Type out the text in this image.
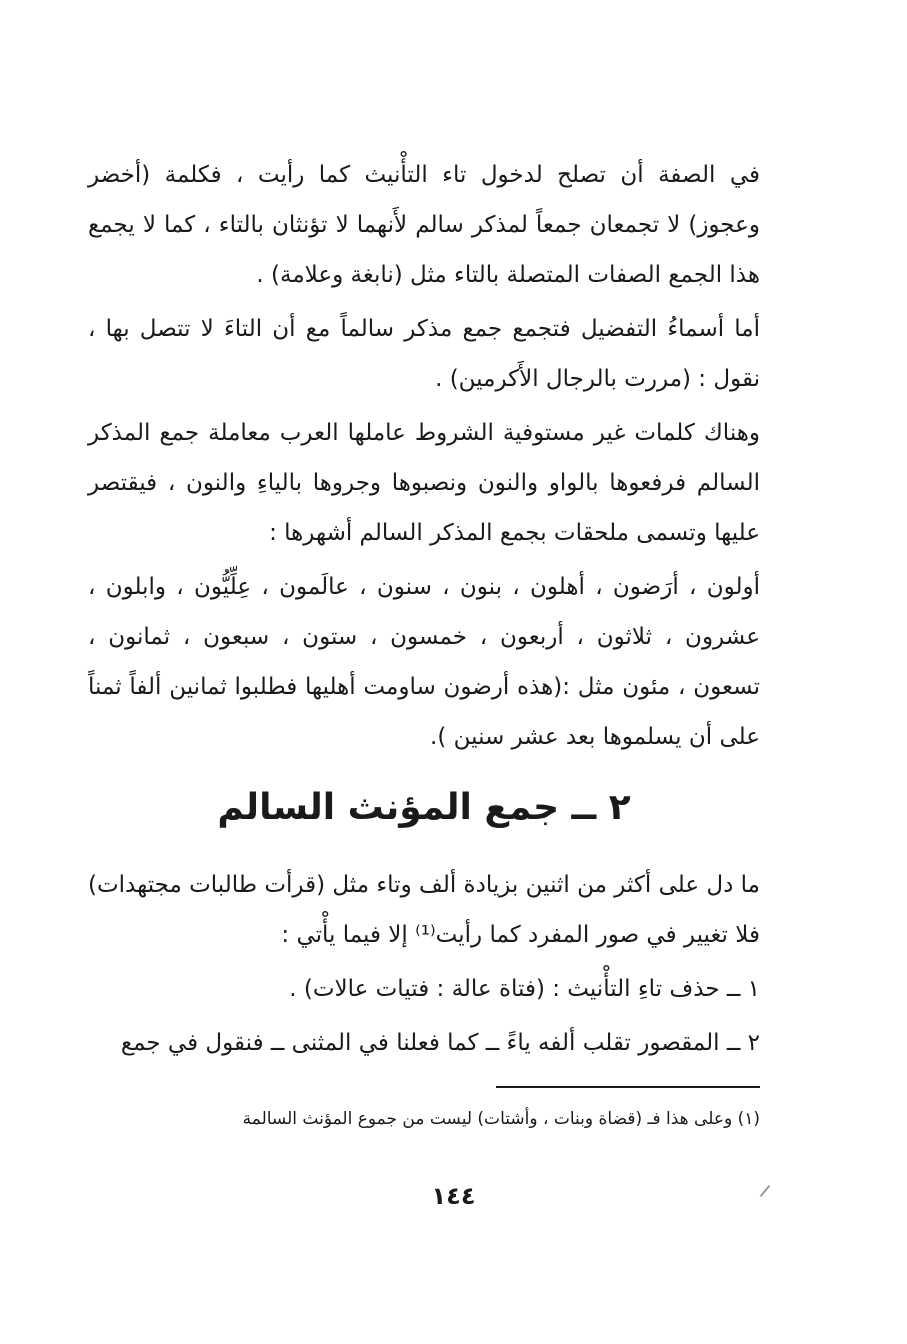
في الصفة أن تصلح لدخول تاء التأْنيث كما رأيت ، فكلمة (أخضر وعجوز) لا تجمعان جمعاً لمذكر سالم لأَنهما لا تؤنثان بالتاء ، كما لا يجمع هذا الجمع الصفات المتصلة بالتاء مثل (نابغة وعلامة) .

أما أسماءُ التفضيل فتجمع جمع مذكر سالماً مع أن التاءَ لا تتصل بها ، نقول : (مررت بالرجال الأَكرمين) .

وهناك كلمات غير مستوفية الشروط عاملها العرب معاملة جمع المذكر السالم فرفعوها بالواو والنون ونصبوها وجروها بالياءِ والنون ، فيقتصر عليها وتسمى ملحقات بجمع المذكر السالم أشهرها :

أولون ، أرَضون ، أهلون ، بنون ، سنون ، عالَمون ، عِلِّيُّون ، وابلون ، عشرون ، ثلاثون ، أربعون ، خمسون ، ستون ، سبعون ، ثمانون ، تسعون ، مئون مثل :(هذه أرضون ساومت أهليها فطلبوا ثمانين ألفاً ثمناً على أن يسلموها بعد عشر سنين ).

٢ ــ جمع المؤنث السالم

ما دل على أكثر من اثنين بزيادة ألف وتاء مثل (قرأت طالبات مجتهدات) فلا تغيير في صور المفرد كما رأيت⁽¹⁾ إلا فيما يأْتي :

١ ــ حذف تاءِ التأْنيث : (فتاة عالة : فتيات عالات) .

٢ ــ المقصور تقلب ألفه ياءً ــ كما فعلنا في المثنى ــ فنقول في جمع

(١) وعلى هذا فـ (قضاة وبنات ، وأشتات) ليست من جموع المؤنث السالمة

١٤٤
